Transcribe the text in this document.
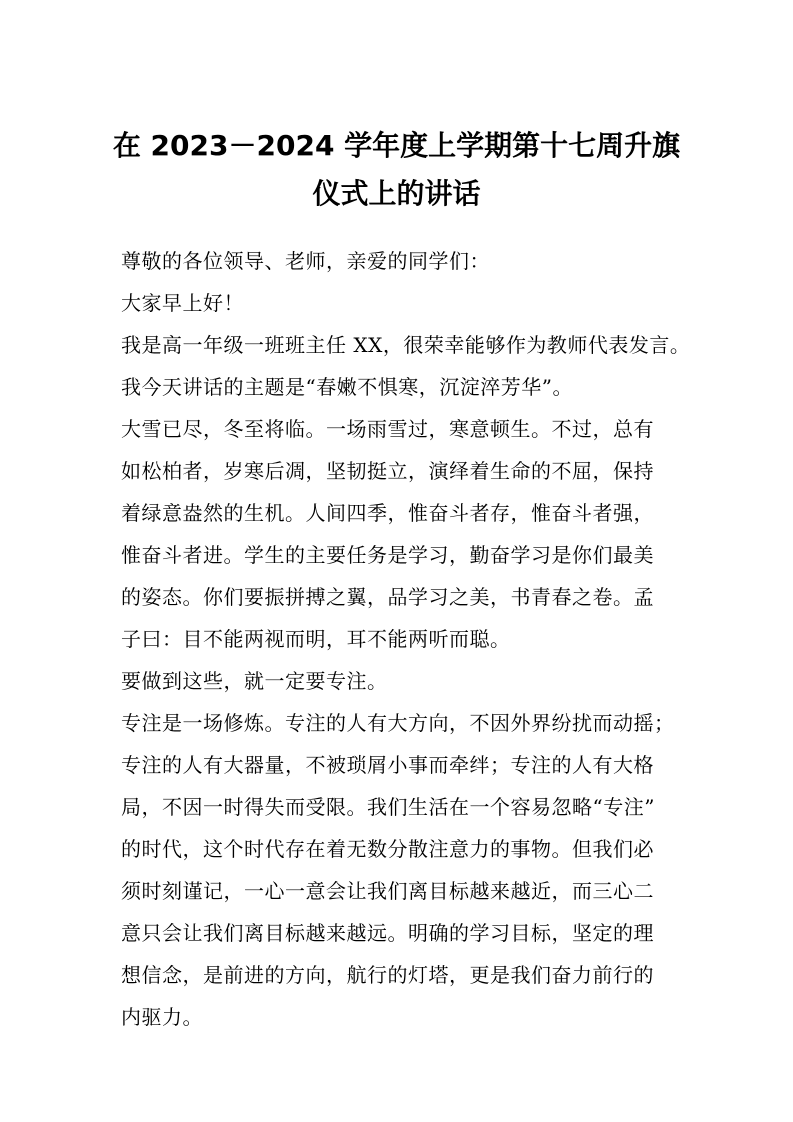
在 2023－2024 学年度上学期第十七周升旗
仪式上的讲话
尊敬的各位领导、老师，亲爱的同学们：
大家早上好！
我是高一年级一班班主任 XX，很荣幸能够作为教师代表发言。
我今天讲话的主题是“春嫩不惧寒，沉淀淬芳华”。
大雪已尽，冬至将临。一场雨雪过，寒意顿生。不过，总有
如松柏者，岁寒后凋，坚韧挺立，演绎着生命的不屈，保持
着绿意盎然的生机。人间四季，惟奋斗者存，惟奋斗者强，
惟奋斗者进。学生的主要任务是学习，勤奋学习是你们最美
的姿态。你们要振拼搏之翼，品学习之美，书青春之卷。孟
子曰：目不能两视而明，耳不能两听而聪。
要做到这些，就一定要专注。
专注是一场修炼。专注的人有大方向，不因外界纷扰而动摇；
专注的人有大器量，不被琐屑小事而牵绊；专注的人有大格
局，不因一时得失而受限。我们生活在一个容易忽略“专注”
的时代，这个时代存在着无数分散注意力的事物。但我们必
须时刻谨记，一心一意会让我们离目标越来越近，而三心二
意只会让我们离目标越来越远。明确的学习目标，坚定的理
想信念，是前进的方向，航行的灯塔，更是我们奋力前行的
内驱力。
